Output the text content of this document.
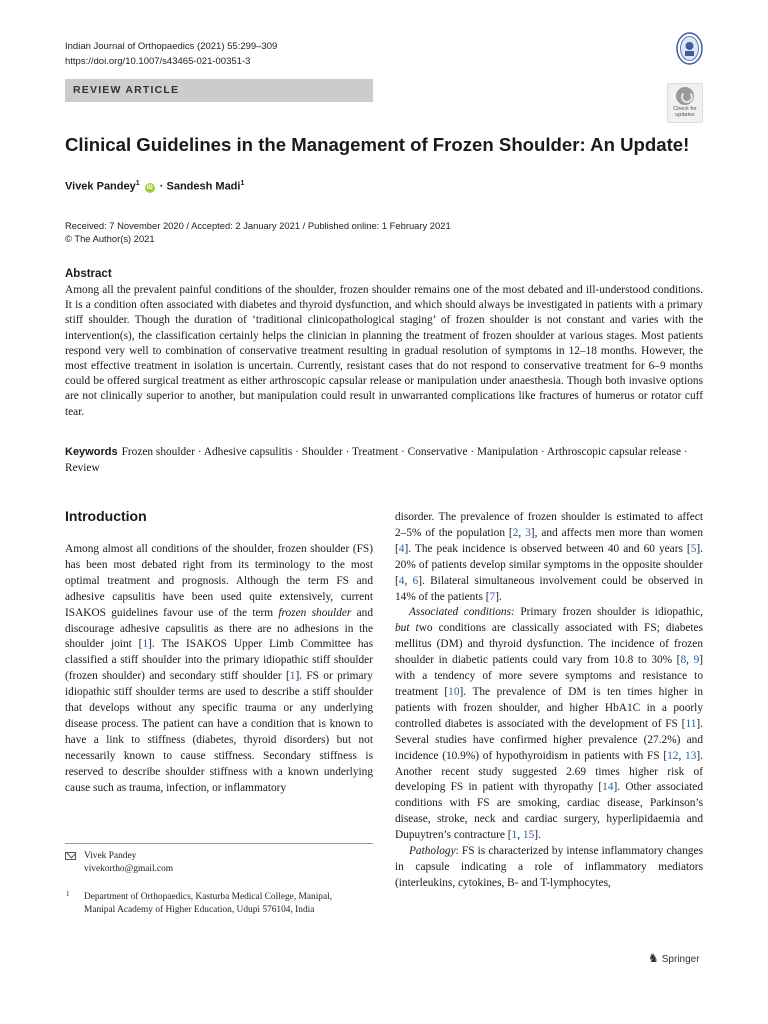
Indian Journal of Orthopaedics (2021) 55:299–309
https://doi.org/10.1007/s43465-021-00351-3
REVIEW ARTICLE
Check for updates
Clinical Guidelines in the Management of Frozen Shoulder: An Update!
Vivek Pandey$^1$ iD · Sandesh Madi$^1$
Received: 7 November 2020 / Accepted: 2 January 2021 / Published online: 1 February 2021
© The Author(s) 2021
Abstract
Among all the prevalent painful conditions of the shoulder, frozen shoulder remains one of the most debated and ill-understood conditions. It is a condition often associated with diabetes and thyroid dysfunction, and which should always be investigated in patients with a primary stiff shoulder. Though the duration of ‘traditional clinicopathological staging’ of frozen shoulder is not constant and varies with the intervention(s), the classification certainly helps the clinician in planning the treatment of frozen shoulder at various stages. Most patients respond very well to combination of conservative treatment resulting in gradual resolution of symptoms in 12–18 months. However, the most effective treatment in isolation is uncertain. Currently, resistant cases that do not respond to conservative treatment for 6–9 months could be offered surgical treatment as either arthroscopic capsular release or manipulation under anaesthesia. Though both invasive options are not clinically superior to another, but manipulation could result in unwarranted complications like fractures of humerus or rotator cuff tear.
Keywords Frozen shoulder · Adhesive capsulitis · Shoulder · Treatment · Conservative · Manipulation · Arthroscopic capsular release · Review
Introduction

Among almost all conditions of the shoulder, frozen shoulder (FS) has been most debated right from its terminology to the most optimal treatment and prognosis. Although the term FS and adhesive capsulitis have been used quite extensively, current ISAKOS guidelines favour use of the term frozen shoulder and discourage adhesive capsulitis as there are no adhesions in the shoulder joint [1]. The ISAKOS Upper Limb Committee has classified a stiff shoulder into the primary idiopathic stiff shoulder (frozen shoulder) and secondary stiff shoulder [1]. FS or primary idiopathic stiff shoulder terms are used to describe a stiff shoulder that develops without any specific trauma or any underlying disease process. The patient can have a condition that is known to have a link to stiffness (diabetes, thyroid disorders) but not necessarily known to cause stiffness. Secondary stiffness is reserved to describe shoulder stiffness with a known underlying cause such as trauma, infection, or inflammatory

disorder. The prevalence of frozen shoulder is estimated to affect 2–5% of the population [2, 3], and affects men more than women [4]. The peak incidence is observed between 40 and 60 years [5]. 20% of patients develop similar symptoms in the opposite shoulder [4, 6]. Bilateral simultaneous involvement could be observed in 14% of the patients [7].

Associated conditions: Primary frozen shoulder is idiopathic, but two conditions are classically associated with FS; diabetes mellitus (DM) and thyroid dysfunction. The incidence of frozen shoulder in diabetic patients could vary from 10.8 to 30% [8, 9] with a tendency of more severe symptoms and resistance to treatment [10]. The prevalence of DM is ten times higher in patients with frozen shoulder, and higher HbA1C in a poorly controlled diabetes is associated with the development of FS [11]. Several studies have confirmed higher prevalence (27.2%) and incidence (10.9%) of hypothyroidism in patients with FS [12, 13]. Another recent study suggested 2.69 times higher risk of developing FS in patient with thyropathy [14]. Other associated conditions with FS are smoking, cardiac disease, Parkinson’s disease, stroke, neck and cardiac surgery, hyperlipidaemia and Dupuytren’s contracture [1, 15].

Pathology: FS is characterized by intense inflammatory changes in capsule indicating a role of inflammatory mediators (interleukins, cytokines, B- and T-lymphocytes,

Vivek Pandey
vivekortho@gmail.com
1 Department of Orthopaedics, Kasturba Medical College, Manipal, Manipal Academy of Higher Education, Udupi 576104, India
♞ Springer
